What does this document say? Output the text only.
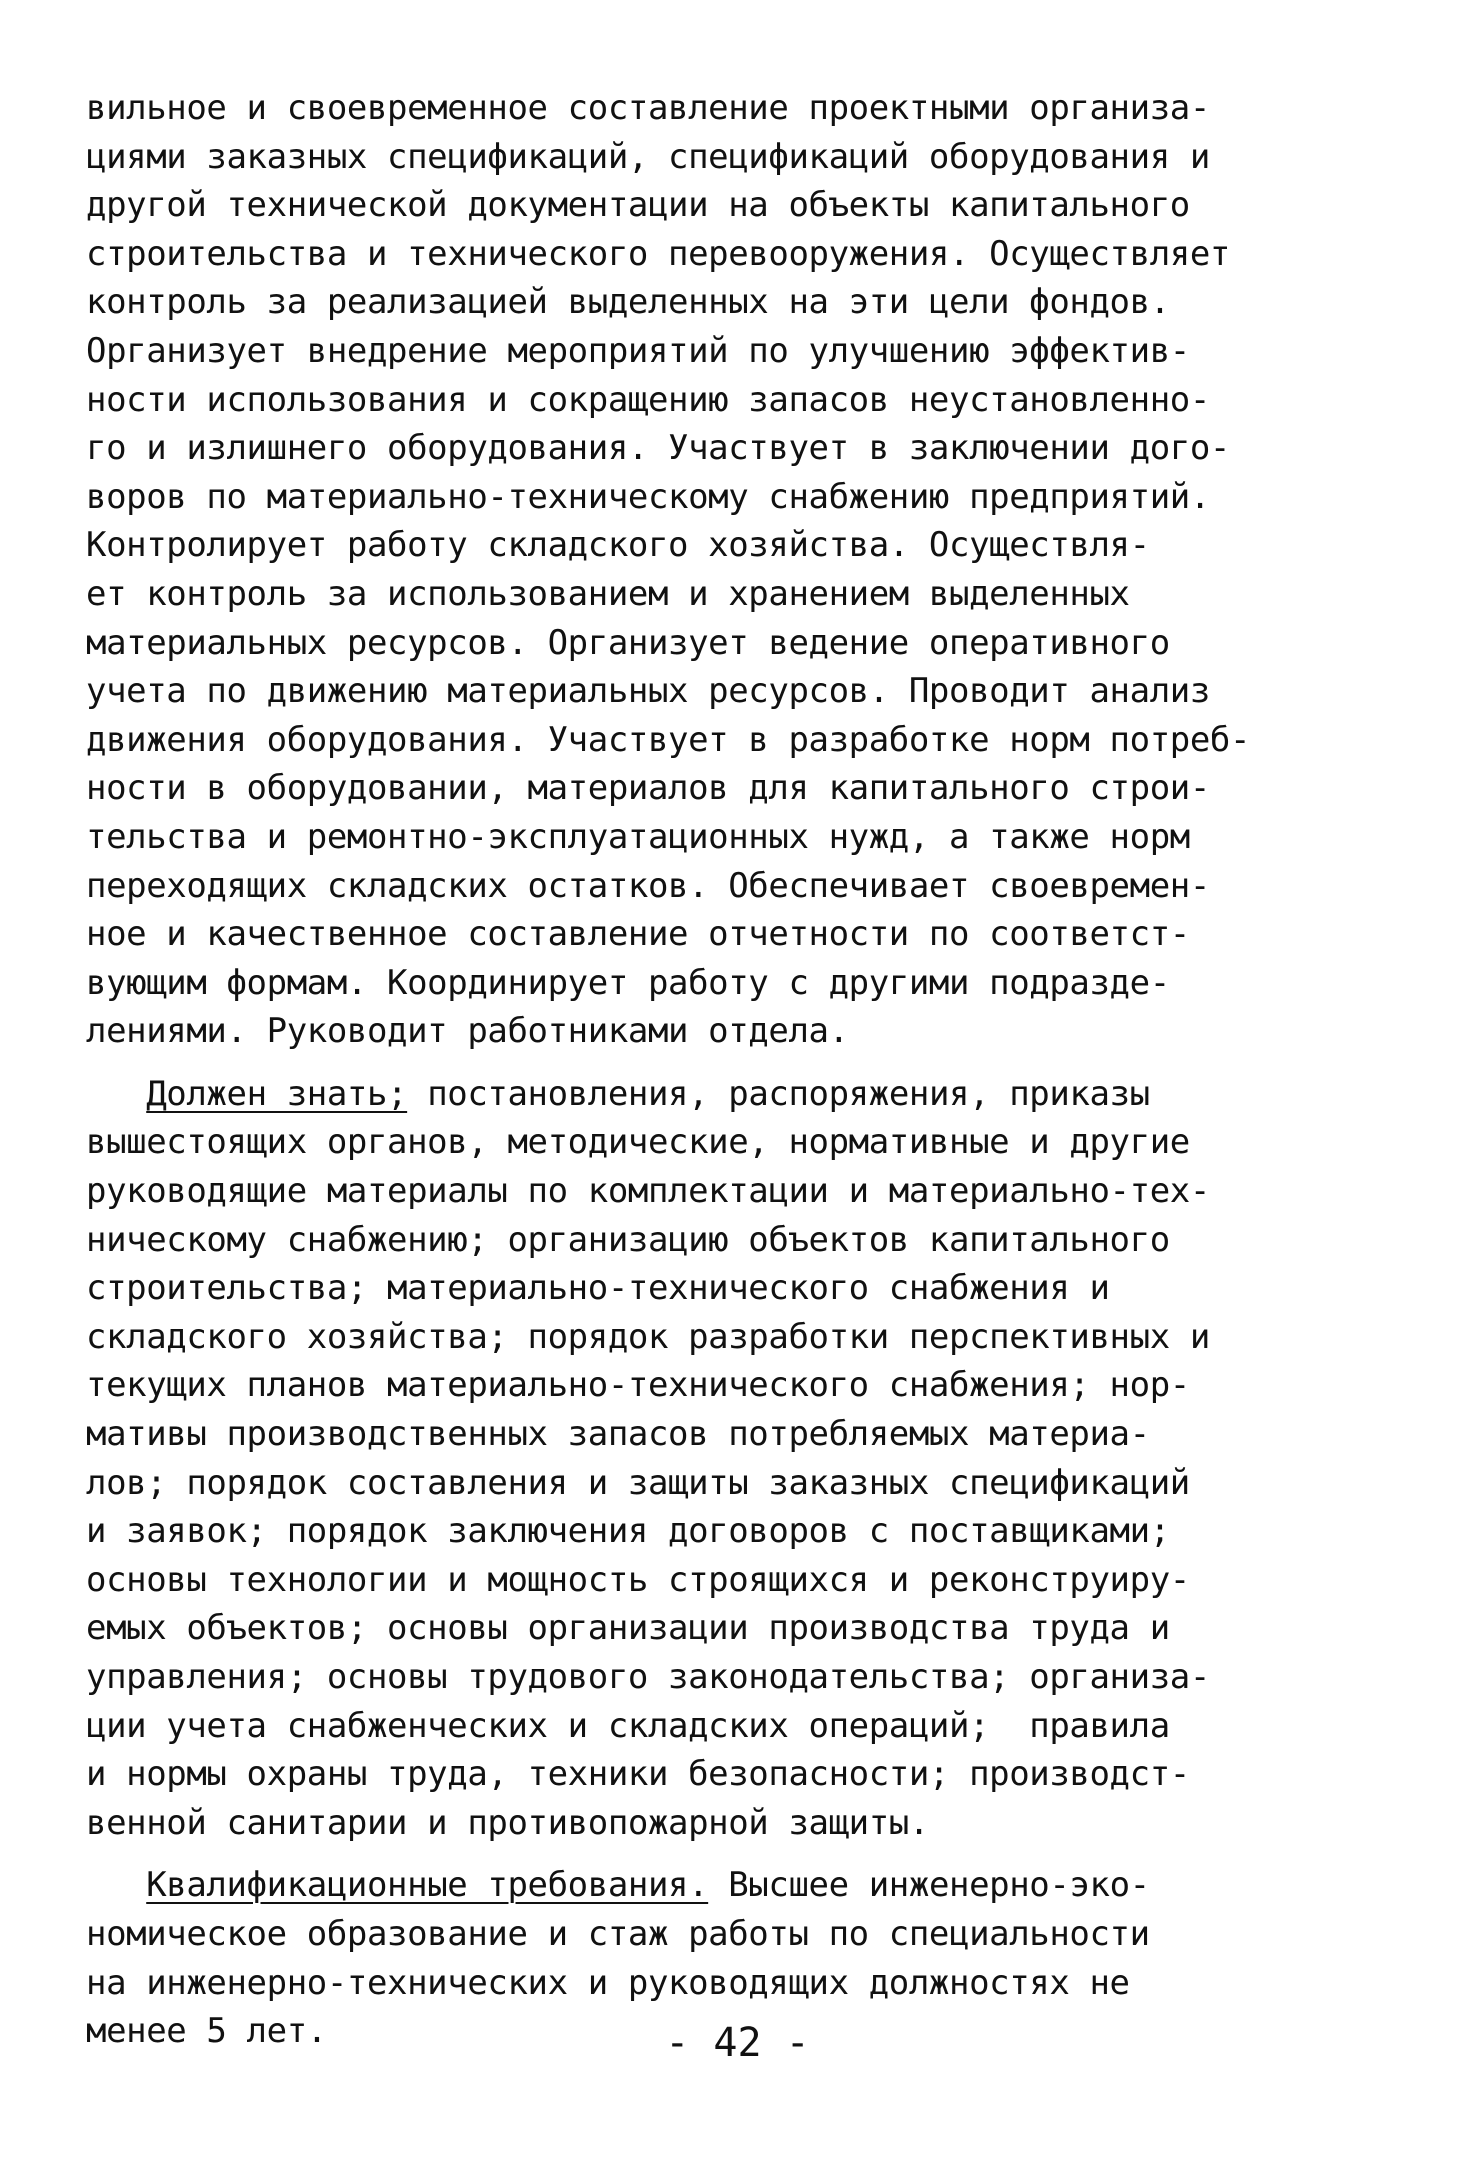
вильное и своевременное составление проектными организа-
циями заказных спецификаций, спецификаций оборудования и
другой технической документации на объекты капитального
строительства и технического перевооружения. Осуществляет
контроль за реализацией выделенных на эти цели фондов.
Организует внедрение мероприятий по улучшению эффектив-
ности использования и сокращению запасов неустановленно-
го и излишнего оборудования. Участвует в заключении дого-
воров по материально-техническому снабжению предприятий.
Контролирует работу складского хозяйства. Осуществля-
ет контроль за использованием и хранением выделенных
материальных ресурсов. Организует ведение оперативного
учета по движению материальных ресурсов. Проводит анализ
движения оборудования. Участвует в разработке норм потреб-
ности в оборудовании, материалов для капитального строи-
тельства и ремонтно-эксплуатационных нужд, а также норм
переходящих складских остатков. Обеспечивает своевремен-
ное и качественное составление отчетности по соответст-
вующим формам. Координирует работу с другими подразде-
лениями. Руководит работниками отдела.
Должен знать; постановления, распоряжения, приказы
вышестоящих органов, методические, нормативные и другие
руководящие материалы по комплектации и материально-тех-
ническому снабжению; организацию объектов капитального
строительства; материально-технического снабжения и
складского хозяйства; порядок разработки перспективных и
текущих планов материально-технического снабжения; нор-
мативы производственных запасов потребляемых материа-
лов; порядок составления и защиты заказных спецификаций
и заявок; порядок заключения договоров с поставщиками;
основы технологии и мощность строящихся и реконструиру-
емых объектов; основы организации производства труда и
управления; основы трудового законодательства; организа-
ции учета снабженческих и складских операций;  правила
и нормы охраны труда, техники безопасности; производст-
венной санитарии и противопожарной защиты.
Квалификационные требования. Высшее инженерно-эко-
номическое образование и стаж работы по специальности
на инженерно-технических и руководящих должностях не
менее 5 лет.	- 42 -
